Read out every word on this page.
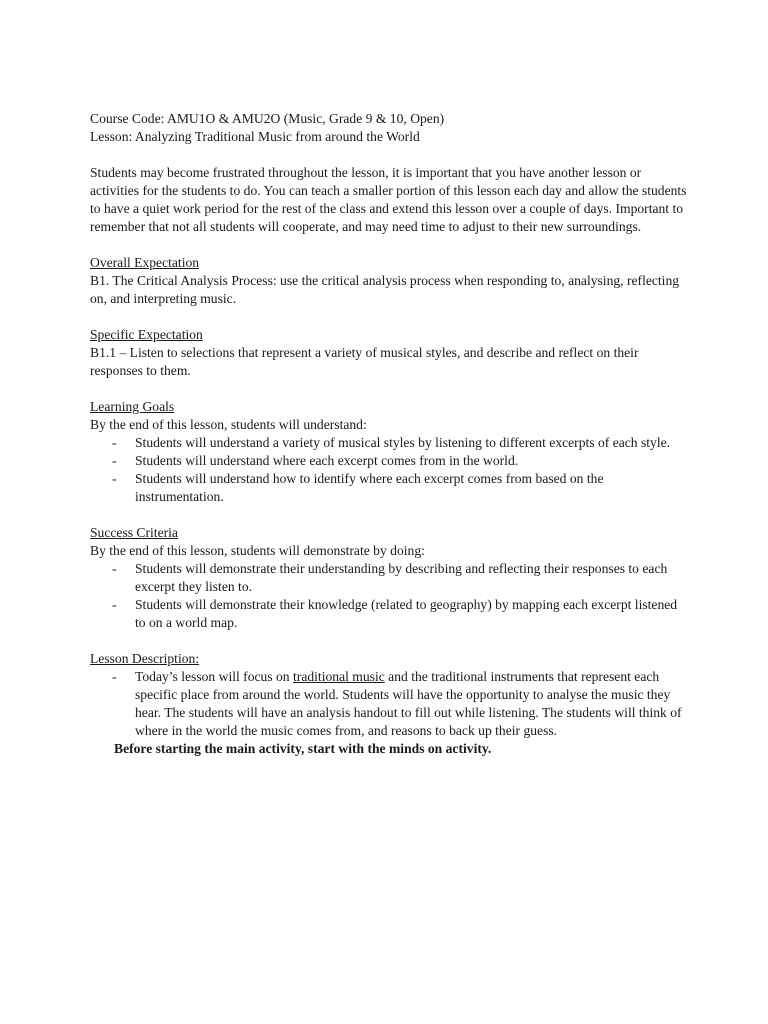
Course Code: AMU1O & AMU2O (Music, Grade 9 & 10, Open)

Lesson: Analyzing Traditional Music from around the World

Students may become frustrated throughout the lesson, it is important that you have another lesson or activities for the students to do. You can teach a smaller portion of this lesson each day and allow the students to have a quiet work period for the rest of the class and extend this lesson over a couple of days. Important to remember that not all students will cooperate, and may need time to adjust to their new surroundings.

Overall Expectation

B1. The Critical Analysis Process: use the critical analysis process when responding to, analysing, reflecting on, and interpreting music.

Specific Expectation

B1.1 – Listen to selections that represent a variety of musical styles, and describe and reflect on their responses to them.

Learning Goals

By the end of this lesson, students will understand:

- Students will understand a variety of musical styles by listening to different excerpts of each style.
- Students will understand where each excerpt comes from in the world.
- Students will understand how to identify where each excerpt comes from based on the instrumentation.

Success Criteria

By the end of this lesson, students will demonstrate by doing:

- Students will demonstrate their understanding by describing and reflecting their responses to each excerpt they listen to.
- Students will demonstrate their knowledge (related to geography) by mapping each excerpt listened to on a world map.

Lesson Description:

- Today’s lesson will focus on traditional music and the traditional instruments that represent each specific place from around the world. Students will have the opportunity to analyse the music they hear. The students will have an analysis handout to fill out while listening. The students will think of where in the world the music comes from, and reasons to back up their guess.

Before starting the main activity, start with the minds on activity.
